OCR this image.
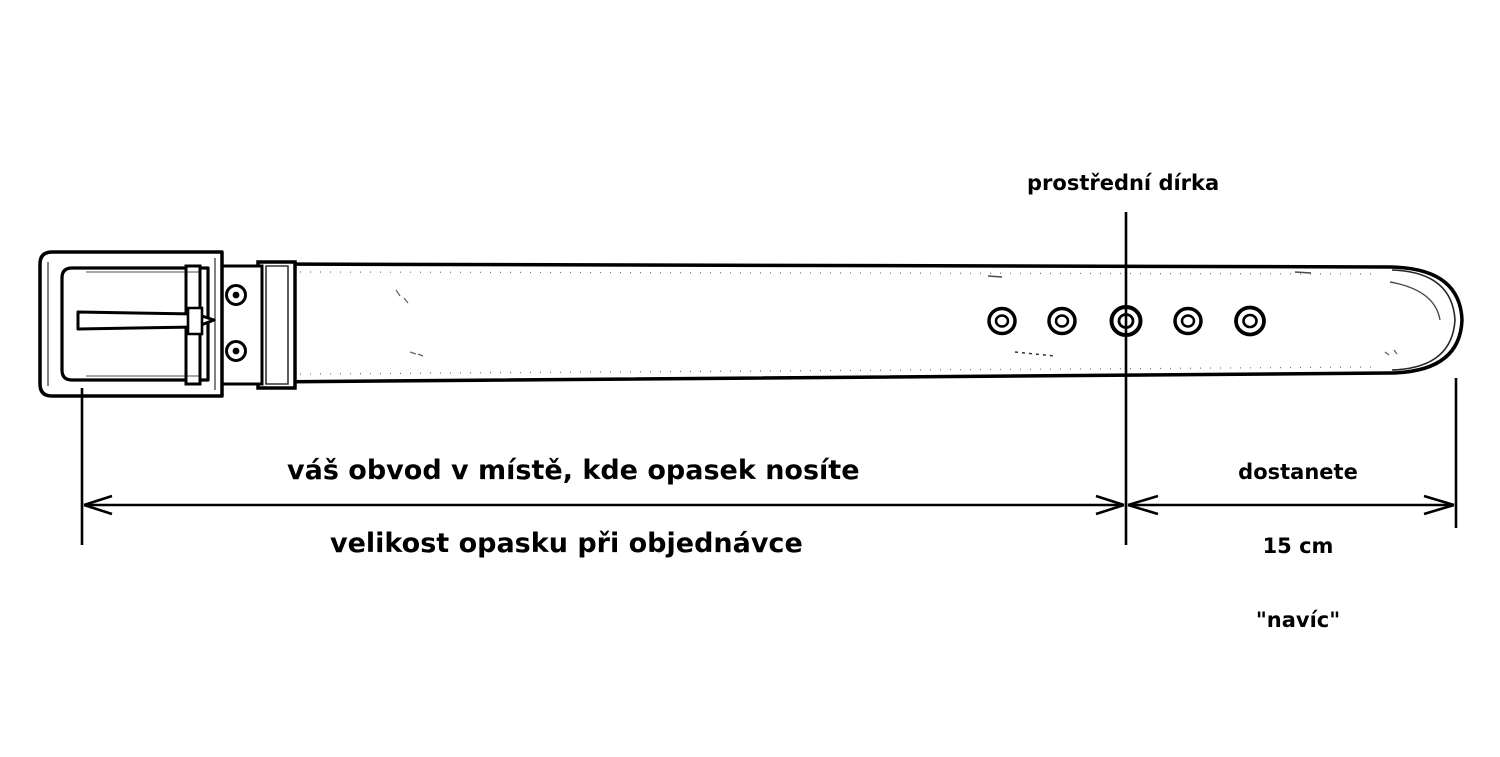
prostřední dírka
váš obvod v místě, kde opasek nosíte
velikost opasku při objednávce

dostanete

15 cm

"navíc"
